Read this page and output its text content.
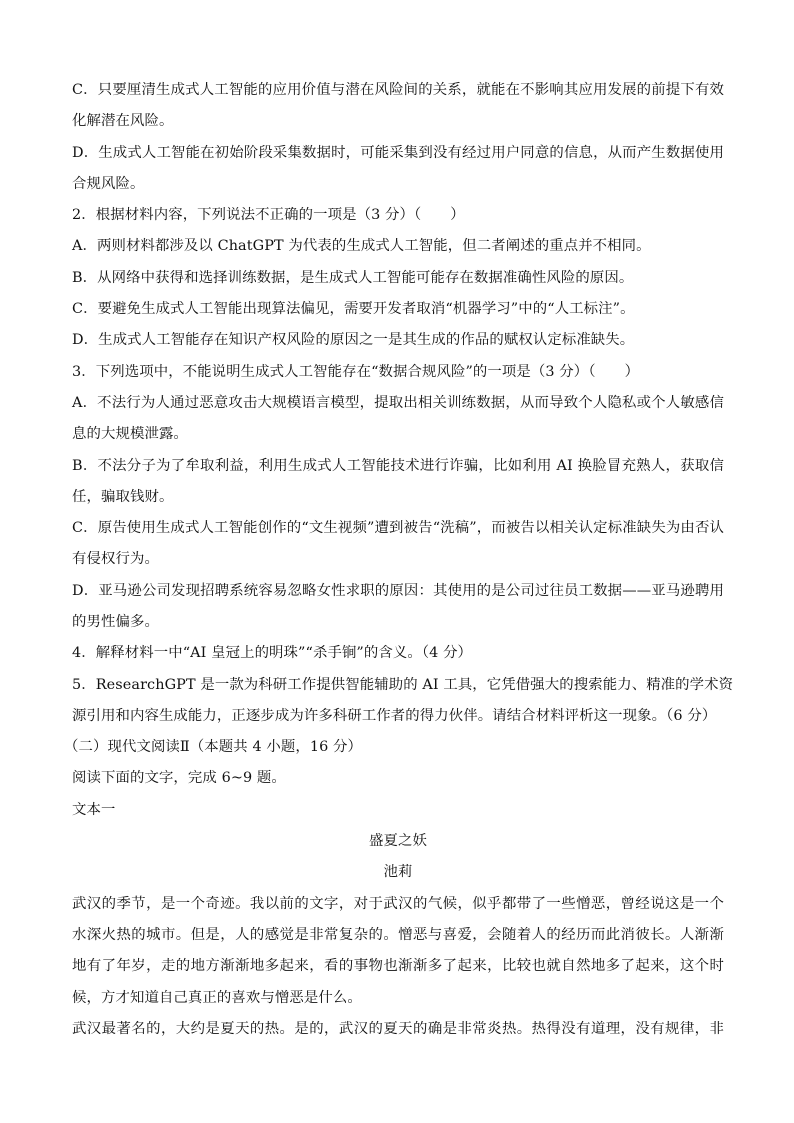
C．只要厘清生成式人工智能的应用价值与潜在风险间的关系，就能在不影响其应用发展的前提下有效
化解潜在风险。
D．生成式人工智能在初始阶段采集数据时，可能采集到没有经过用户同意的信息，从而产生数据使用
合规风险。
2．根据材料内容，下列说法不正确的一项是（3 分）（　　）
A．两则材料都涉及以 ChatGPT 为代表的生成式人工智能，但二者阐述的重点并不相同。
B．从网络中获得和选择训练数据，是生成式人工智能可能存在数据准确性风险的原因。
C．要避免生成式人工智能出现算法偏见，需要开发者取消“机器学习”中的“人工标注”。
D．生成式人工智能存在知识产权风险的原因之一是其生成的作品的赋权认定标准缺失。
3．下列选项中，不能说明生成式人工智能存在“数据合规风险”的一项是（3 分）（　　）
A．不法行为人通过恶意攻击大规模语言模型，提取出相关训练数据，从而导致个人隐私或个人敏感信
息的大规模泄露。
B．不法分子为了牟取利益，利用生成式人工智能技术进行诈骗，比如利用 AI 换脸冒充熟人，获取信
任，骗取钱财。
C．原告使用生成式人工智能创作的“文生视频”遭到被告“洗稿”，而被告以相关认定标准缺失为由否认
有侵权行为。
D．亚马逊公司发现招聘系统容易忽略女性求职的原因：其使用的是公司过往员工数据——亚马逊聘用
的男性偏多。
4．解释材料一中“AI 皇冠上的明珠”“杀手锏”的含义。（4 分）
5．ResearchGPT 是一款为科研工作提供智能辅助的 AI 工具，它凭借强大的搜索能力、精准的学术资
源引用和内容生成能力，正逐步成为许多科研工作者的得力伙伴。请结合材料评析这一现象。（6 分）
（二）现代文阅读Ⅱ（本题共 4 小题，16 分）
阅读下面的文字，完成 6~9 题。
文本一
盛夏之妖
池莉
武汉的季节，是一个奇迹。我以前的文字，对于武汉的气候，似乎都带了一些憎恶，曾经说这是一个
水深火热的城市。但是，人的感觉是非常复杂的。憎恶与喜爱，会随着人的经历而此消彼长。人渐渐
地有了年岁，走的地方渐渐地多起来，看的事物也渐渐多了起来，比较也就自然地多了起来，这个时
候，方才知道自己真正的喜欢与憎恶是什么。
武汉最著名的，大约是夏天的热。是的，武汉的夏天的确是非常炎热。热得没有道理，没有规律，非
